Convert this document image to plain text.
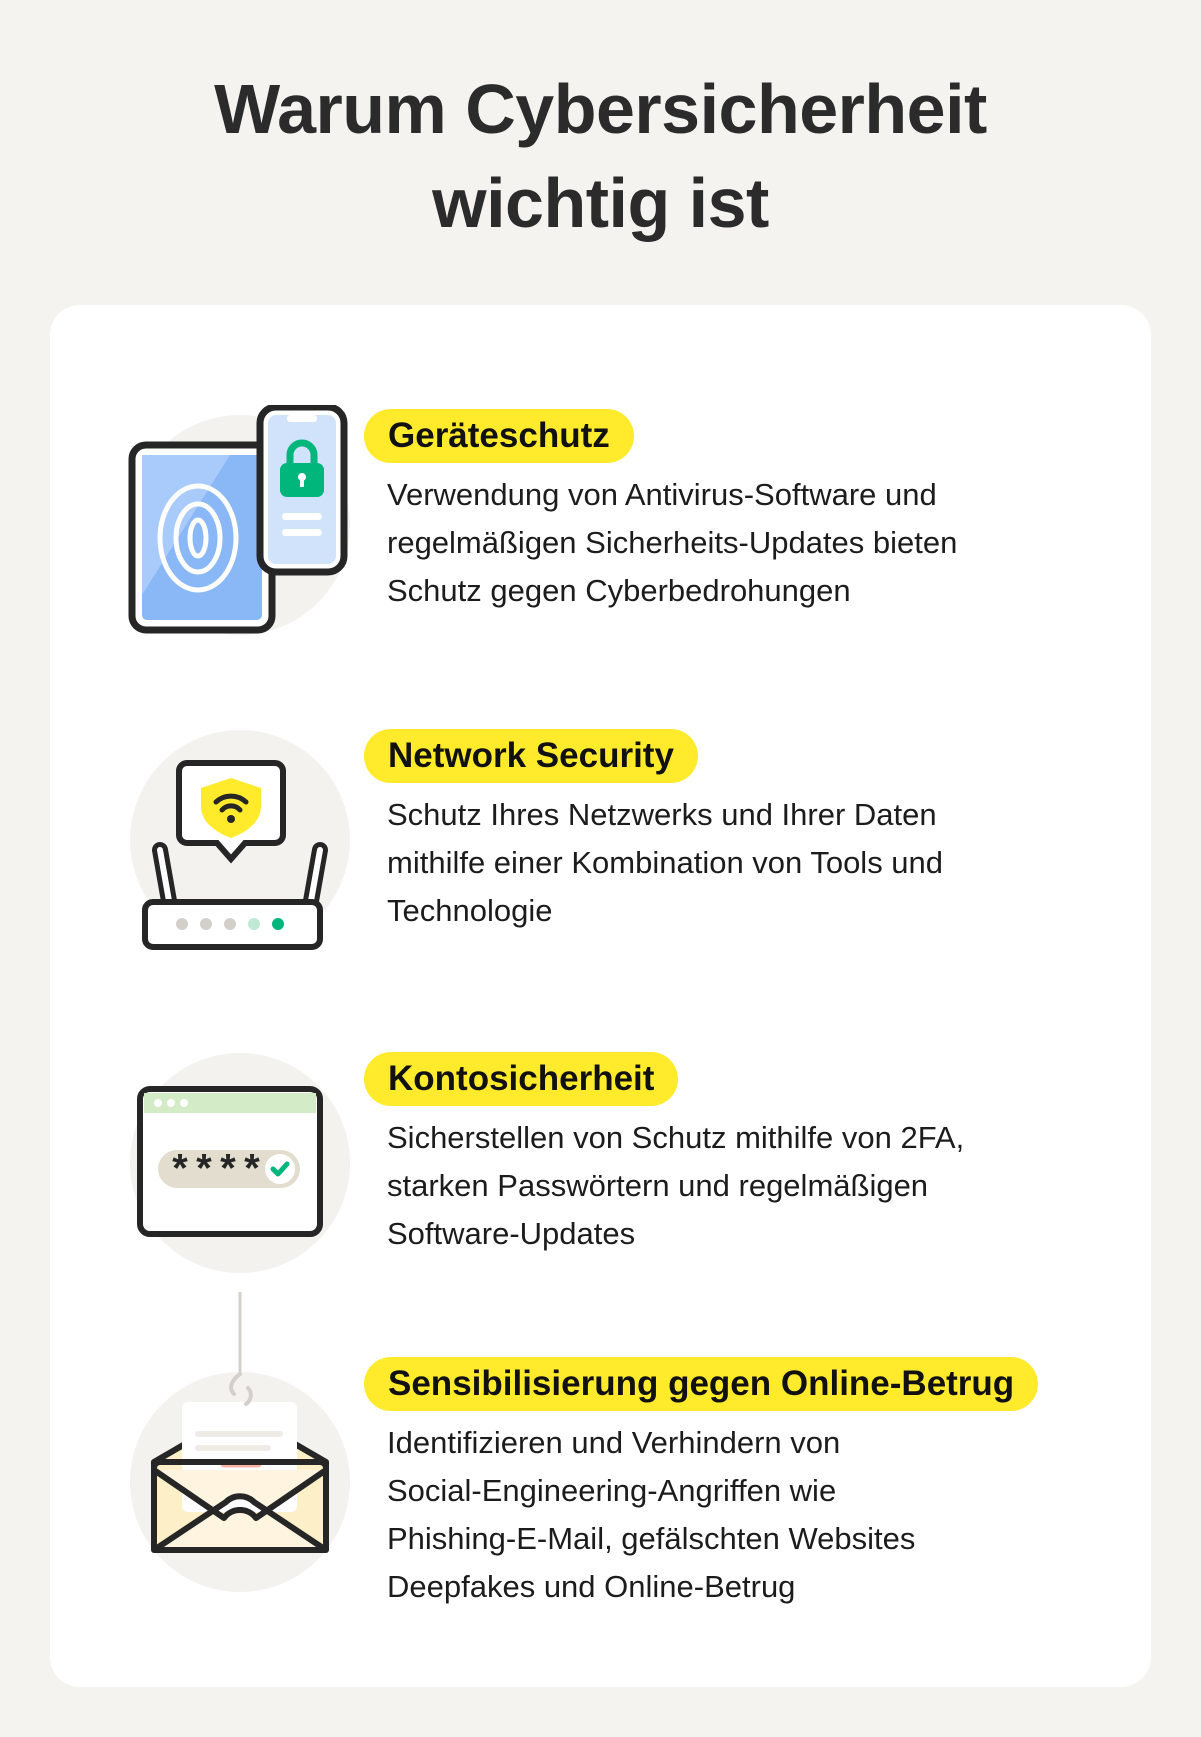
Warum Cybersicherheit
wichtig ist
Geräteschutz
Verwendung von Antivirus-Software und
regelmäßigen Sicherheits-Updates bieten
Schutz gegen Cyberbedrohungen
Network Security
Schutz Ihres Netzwerks und Ihrer Daten
mithilfe einer Kombination von Tools und
Technologie
****
Kontosicherheit
Sicherstellen von Schutz mithilfe von 2FA,
starken Passwörtern und regelmäßigen
Software-Updates
Sensibilisierung gegen Online-Betrug
Identifizieren und Verhindern von
Social-Engineering-Angriffen wie
Phishing-E-Mail, gefälschten Websites
Deepfakes und Online-Betrug
